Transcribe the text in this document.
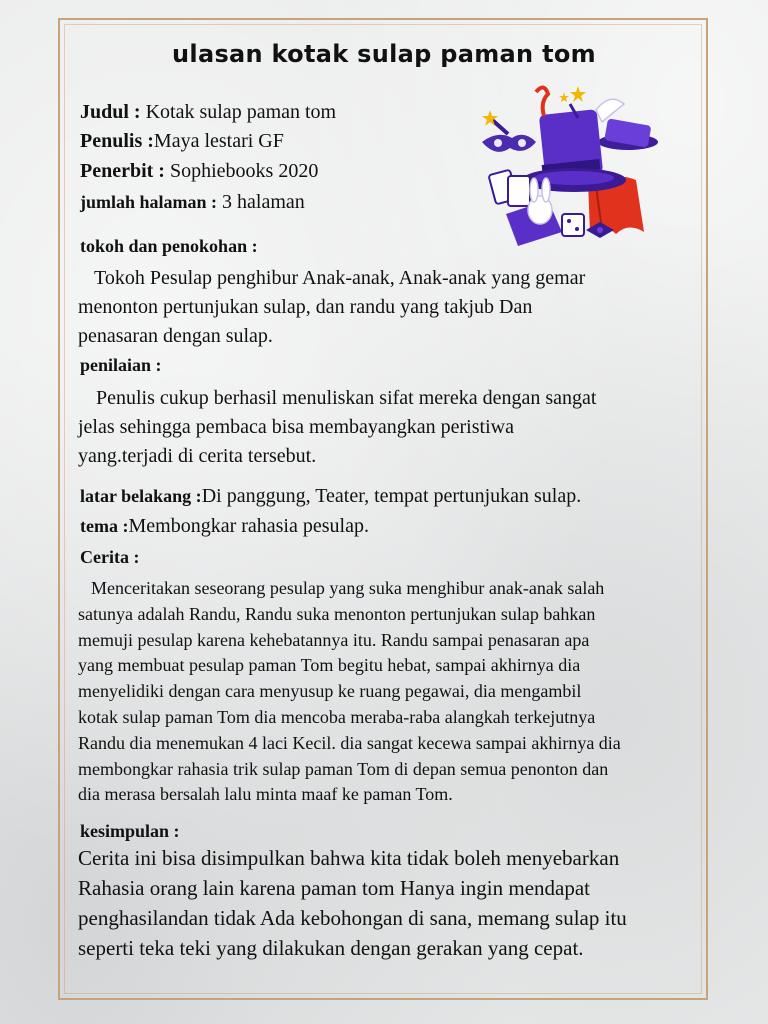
ulasan kotak sulap paman tom
Judul : Kotak sulap paman tom
Penulis :Maya lestari GF
Penerbit : Sophiebooks 2020
jumlah halaman : 3 halaman
tokoh dan penokohan :
Tokoh Pesulap penghibur Anak-anak, Anak-anak yang gemar
menonton pertunjukan sulap, dan randu yang takjub Dan
penasaran dengan sulap.
penilaian :
Penulis cukup berhasil menuliskan sifat mereka dengan sangat
jelas sehingga pembaca bisa membayangkan peristiwa
yang.terjadi di cerita tersebut.
latar belakang :Di panggung, Teater, tempat pertunjukan sulap.
tema :Membongkar rahasia pesulap.
Cerita :
Menceritakan seseorang pesulap yang suka menghibur anak-anak salah
satunya adalah Randu, Randu suka menonton pertunjukan sulap bahkan
memuji pesulap karena kehebatannya itu. Randu sampai penasaran apa
yang membuat pesulap paman Tom begitu hebat, sampai akhirnya dia
menyelidiki dengan cara menyusup ke ruang pegawai, dia mengambil
kotak sulap paman Tom dia mencoba meraba-raba alangkah terkejutnya
Randu dia menemukan 4 laci Kecil. dia sangat kecewa sampai akhirnya dia
membongkar rahasia trik sulap paman Tom di depan semua penonton dan
dia merasa bersalah lalu minta maaf ke paman Tom.
kesimpulan :
Cerita ini bisa disimpulkan bahwa kita tidak boleh menyebarkan
Rahasia orang lain karena paman tom Hanya ingin mendapat
penghasilandan tidak Ada kebohongan di sana, memang sulap itu
seperti teka teki yang dilakukan dengan gerakan yang cepat.
